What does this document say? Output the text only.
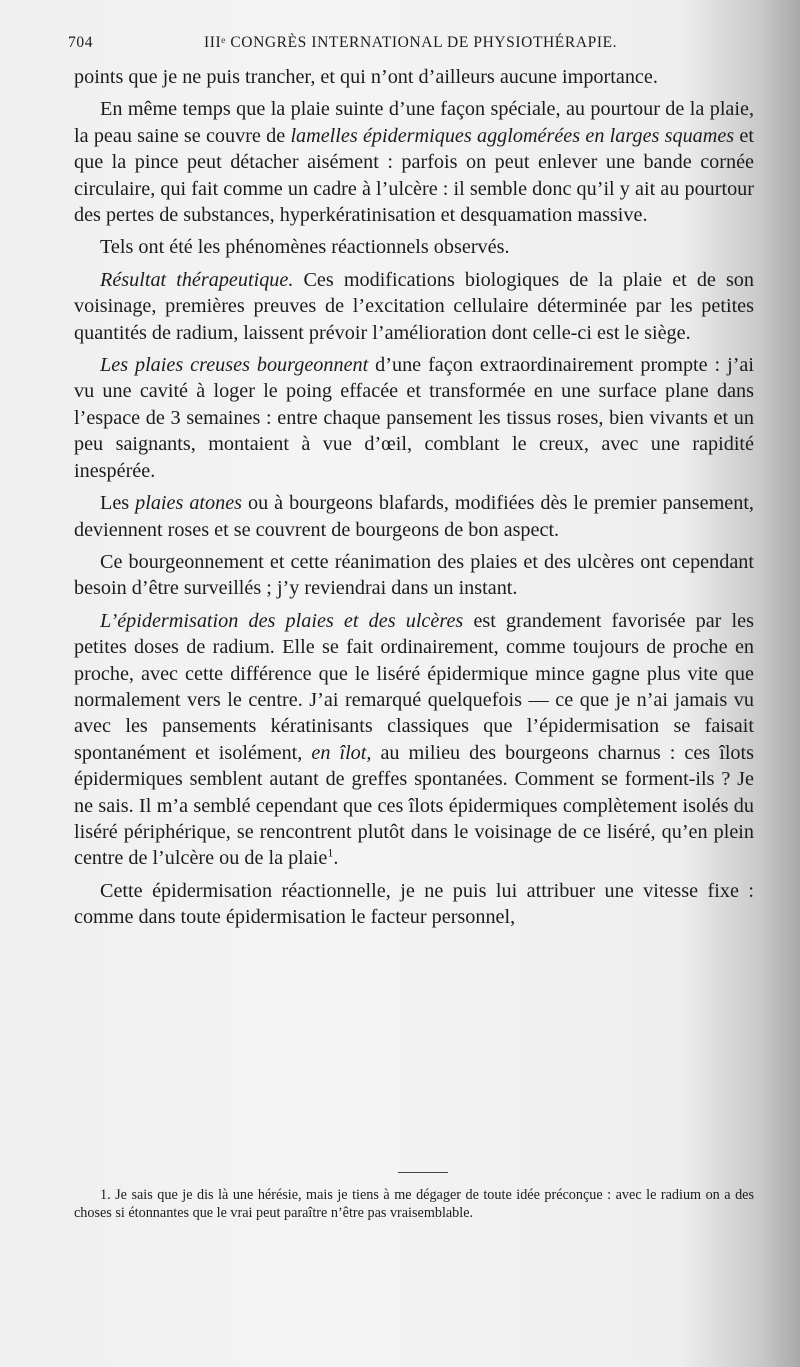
704	IIIᵉ CONGRÈS INTERNATIONAL DE PHYSIOTHÉRAPIE.

points que je ne puis trancher, et qui n’ont d’ailleurs aucune importance.

En même temps que la plaie suinte d’une façon spéciale, au pourtour de la plaie, la peau saine se couvre de lamelles épidermiques agglomérées en larges squames et que la pince peut détacher aisément : parfois on peut enlever une bande cornée circulaire, qui fait comme un cadre à l’ulcère : il semble donc qu’il y ait au pourtour des pertes de substances, hyperkératinisation et desquamation massive.

Tels ont été les phénomènes réactionnels observés.

Résultat thérapeutique. Ces modifications biologiques de la plaie et de son voisinage, premières preuves de l’excitation cellulaire déterminée par les petites quantités de radium, laissent prévoir l’amélioration dont celle-ci est le siège.

Les plaies creuses bourgeonnent d’une façon extraordinairement prompte : j’ai vu une cavité à loger le poing effacée et transformée en une surface plane dans l’espace de 3 semaines : entre chaque pansement les tissus roses, bien vivants et un peu saignants, montaient à vue d’œil, comblant le creux, avec une rapidité inespérée.

Les plaies atones ou à bourgeons blafards, modifiées dès le premier pansement, deviennent roses et se couvrent de bourgeons de bon aspect.

Ce bourgeonnement et cette réanimation des plaies et des ulcères ont cependant besoin d’être surveillés ; j’y reviendrai dans un instant.

L’épidermisation des plaies et des ulcères est grandement favorisée par les petites doses de radium. Elle se fait ordinairement, comme toujours de proche en proche, avec cette différence que le liséré épidermique mince gagne plus vite que normalement vers le centre. J’ai remarqué quelquefois — ce que je n’ai jamais vu avec les pansements kératinisants classiques que l’épidermisation se faisait spontanément et isolément, en îlot, au milieu des bourgeons charnus : ces îlots épidermiques semblent autant de greffes spontanées. Comment se forment-ils ? Je ne sais. Il m’a semblé cependant que ces îlots épidermiques complètement isolés du liséré périphérique, se rencontrent plutôt dans le voisinage de ce liséré, qu’en plein centre de l’ulcère ou de la plaie$^1$.

Cette épidermisation réactionnelle, je ne puis lui attribuer une vitesse fixe : comme dans toute épidermisation le facteur personnel,

1. Je sais que je dis là une hérésie, mais je tiens à me dégager de toute idée préconçue : avec le radium on a des choses si étonnantes que le vrai peut paraître n’être pas vraisemblable.
